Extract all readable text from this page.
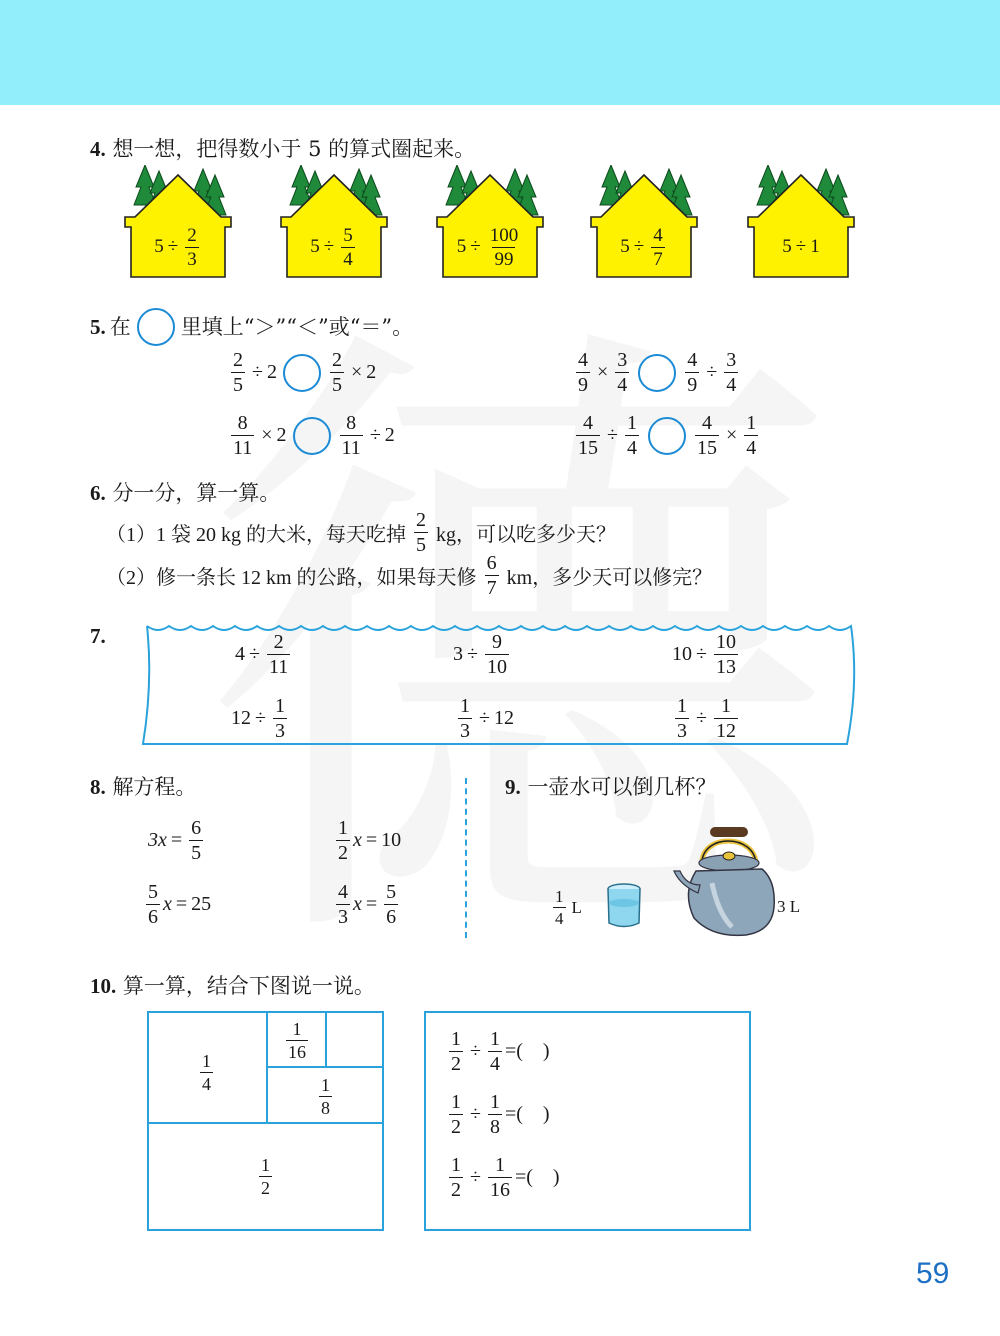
4. 想一想，把得数小于 5 的算式圈起来。
$5 \div \frac{2}{3}$	$5 \div \frac{5}{4}$	$5 \div \frac{100}{99}$	$5 \div \frac{4}{7}$	5 ÷ 1
5. 在 里填上“＞”“＜”或“＝”。
$\frac{2}{5} \div 2$	$\frac{2}{5} \times 2$	$\frac{4}{9} \times \frac{3}{4}$	$\frac{4}{9} \div \frac{3}{4}$
$\frac{8}{11} \times 2$	$\frac{8}{11} \div 2$	$\frac{4}{15} \div \frac{1}{4}$	$\frac{4}{15} \times \frac{1}{4}$
6. 分一分，算一算。
（1）1 袋 20 kg 的大米，每天吃掉 $\frac{2}{5}$ kg，可以吃多少天？
（2）修一条长 12 km 的公路，如果每天修 $\frac{6}{7}$ km，多少天可以修完？
7.
$4 \div \frac{2}{11}$	$3 \div \frac{9}{10}$	$10 \div \frac{10}{13}$
$12 \div \frac{1}{3}$	$\frac{1}{3} \div 12$	$\frac{1}{3} \div \frac{1}{12}$
8. 解方程。
$3x = \frac{6}{5}$	$\frac{1}{2}$ x = 10
$\frac{5}{6}$ x = 25	$\frac{4}{3}$ $x = \frac{5}{6}$
9. 一壶水可以倒几杯？
$\frac{1}{4}$ L	3 L
10. 算一算，结合下图说一说。
$\frac{1}{4}$
$\frac{1}{16}$
$\frac{1}{8}$
$\frac{1}{2}$
$\frac{1}{2} \div \frac{1}{4}$ =(    )
$\frac{1}{2} \div \frac{1}{8}$ =(    )
$\frac{1}{2} \div \frac{1}{16}$ =(    )
59
